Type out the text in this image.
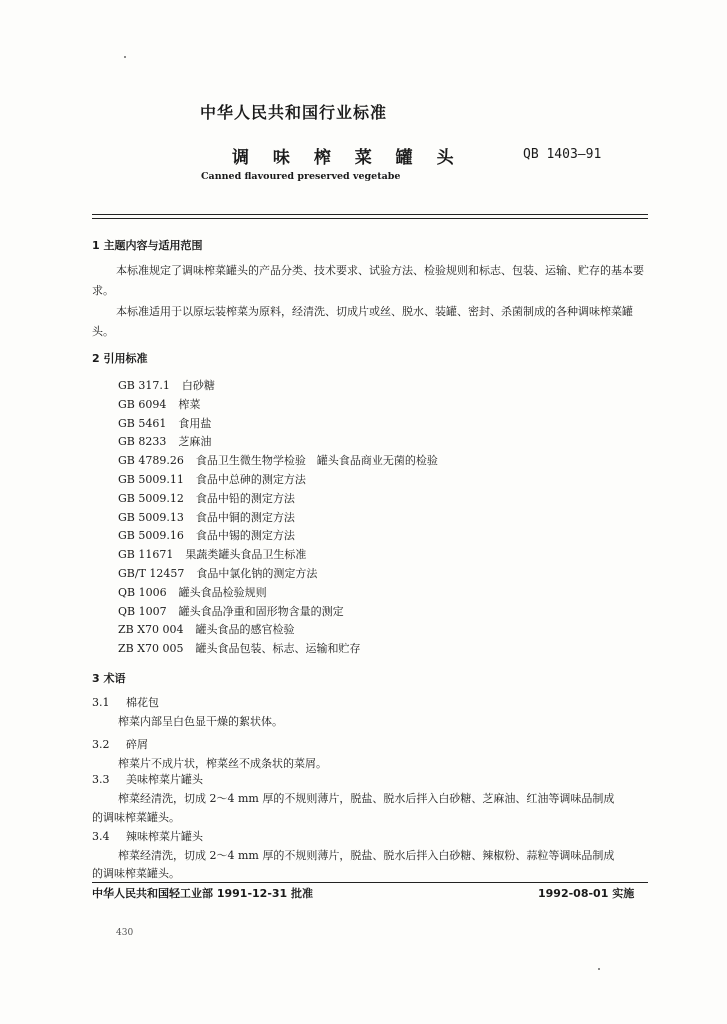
中华人民共和国行业标准
调 味 榨 菜 罐 头	QB 1403—91
Canned flavoured preserved vegetabe
1 主题内容与适用范围
本标准规定了调味榨菜罐头的产品分类、技术要求、试验方法、检验规则和标志、包装、运输、贮存的基本要求。
本标准适用于以原坛装榨菜为原料，经清洗、切成片或丝、脱水、装罐、密封、杀菌制成的各种调味榨菜罐头。
2 引用标准
GB 317.1 白砂糖
GB 6094 榨菜
GB 5461 食用盐
GB 8233 芝麻油
GB 4789.26 食品卫生微生物学检验　罐头食品商业无菌的检验
GB 5009.11 食品中总砷的测定方法
GB 5009.12 食品中铅的测定方法
GB 5009.13 食品中铜的测定方法
GB 5009.16 食品中锡的测定方法
GB 11671 果蔬类罐头食品卫生标准
GB/T 12457 食品中氯化钠的测定方法
QB 1006 罐头食品检验规则
QB 1007 罐头食品净重和固形物含量的测定
ZB X70 004 罐头食品的感官检验
ZB X70 005 罐头食品包装、标志、运输和贮存
3 术语
3.1 棉花包
榨菜内部呈白色显干燥的絮状体。
3.2 碎屑
榨菜片不成片状，榨菜丝不成条状的菜屑。
3.3 美味榨菜片罐头
榨菜经清洗，切成 2～4 mm 厚的不规则薄片，脱盐、脱水后拌入白砂糖、芝麻油、红油等调味品制成
的调味榨菜罐头。
3.4 辣味榨菜片罐头
榨菜经清洗，切成 2～4 mm 厚的不规则薄片，脱盐、脱水后拌入白砂糖、辣椒粉、蒜粒等调味品制成
的调味榨菜罐头。
中华人民共和国轻工业部 1991-12-31 批准	1992-08-01 实施
430
